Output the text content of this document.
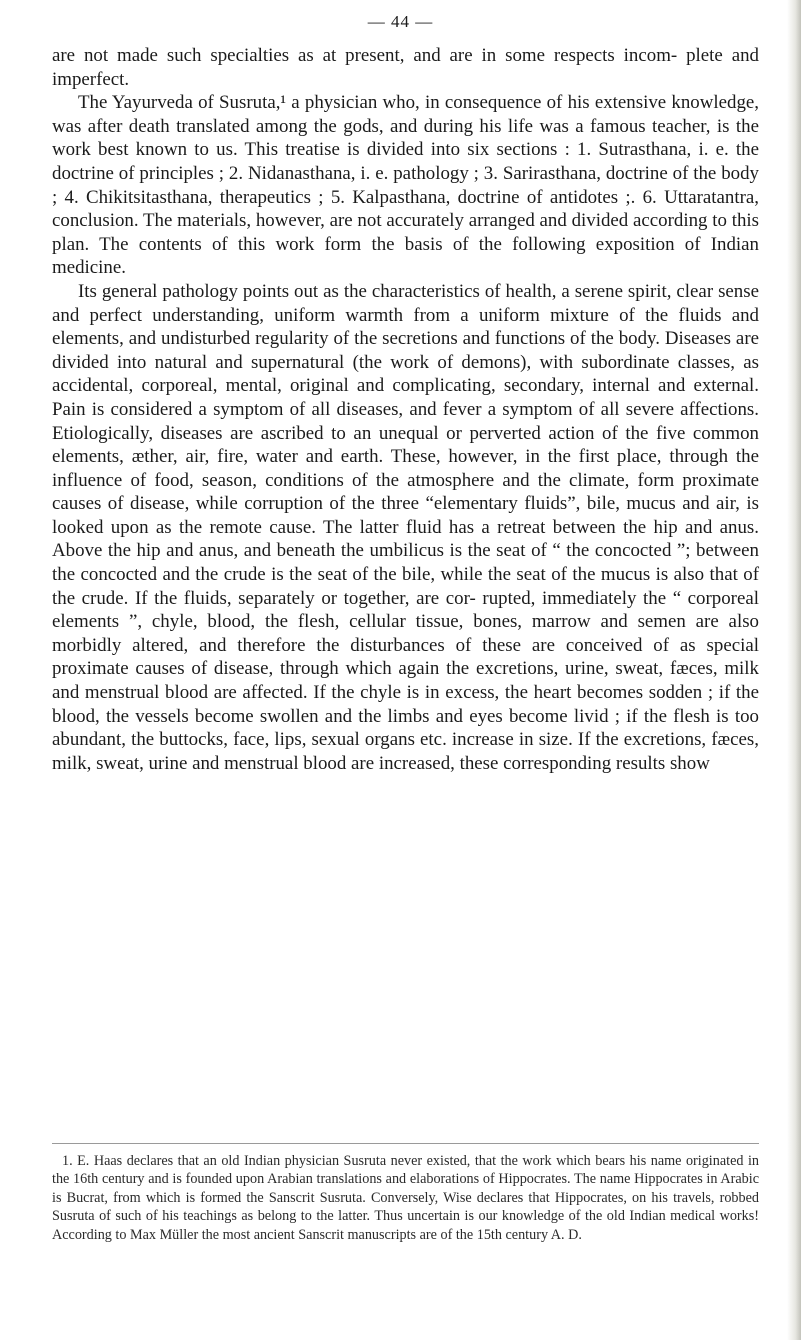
— 44 —

are not made such specialties as at present, and are in some respects incom- plete and imperfect.

The Yayurveda of Susruta,¹ a physician who, in consequence of his extensive knowledge, was after death translated among the gods, and during his life was a famous teacher, is the work best known to us. This treatise is divided into six sections : 1. Sutrasthana, i. e. the doctrine of principles ; 2. Nidanasthana, i. e. pathology ; 3. Sarirasthana, doctrine of the body ; 4. Chikitsitasthana, therapeutics ; 5. Kalpasthana, doctrine of antidotes ;. 6. Uttaratantra, conclusion. The materials, however, are not accurately arranged and divided according to this plan. The contents of this work form the basis of the following exposition of Indian medicine.

Its general pathology points out as the characteristics of health, a serene spirit, clear sense and perfect understanding, uniform warmth from a uniform mixture of the fluids and elements, and undisturbed regularity of the secretions and functions of the body. Diseases are divided into natural and supernatural (the work of demons), with subordinate classes, as accidental, corporeal, mental, original and complicating, secondary, internal and external. Pain is considered a symptom of all diseases, and fever a symptom of all severe affections. Etiologically, diseases are ascribed to an unequal or perverted action of the five common elements, æther, air, fire, water and earth. These, however, in the first place, through the influence of food, season, conditions of the atmosphere and the climate, form proximate causes of disease, while corruption of the three “elementary fluids”, bile, mucus and air, is looked upon as the remote cause. The latter fluid has a retreat between the hip and anus. Above the hip and anus, and beneath the umbilicus is the seat of “ the concocted ”; between the concocted and the crude is the seat of the bile, while the seat of the mucus is also that of the crude. If the fluids, separately or together, are cor- rupted, immediately the “ corporeal elements ”, chyle, blood, the flesh, cellular tissue, bones, marrow and semen are also morbidly altered, and therefore the disturbances of these are conceived of as special proximate causes of disease, through which again the excretions, urine, sweat, fæces, milk and menstrual blood are affected. If the chyle is in excess, the heart becomes sodden ; if the blood, the vessels become swollen and the limbs and eyes become livid ; if the flesh is too abundant, the buttocks, face, lips, sexual organs etc. increase in size. If the excretions, fæces, milk, sweat, urine and menstrual blood are increased, these corresponding results show

1. E. Haas declares that an old Indian physician Susruta never existed, that the work which bears his name originated in the 16th century and is founded upon Arabian translations and elaborations of Hippocrates. The name Hippocrates in Arabic is Bucrat, from which is formed the Sanscrit Susruta. Conversely, Wise declares that Hippocrates, on his travels, robbed Susruta of such of his teachings as belong to the latter. Thus uncertain is our knowledge of the old Indian medical works! According to Max Müller the most ancient Sanscrit manuscripts are of the 15th century A. D.
